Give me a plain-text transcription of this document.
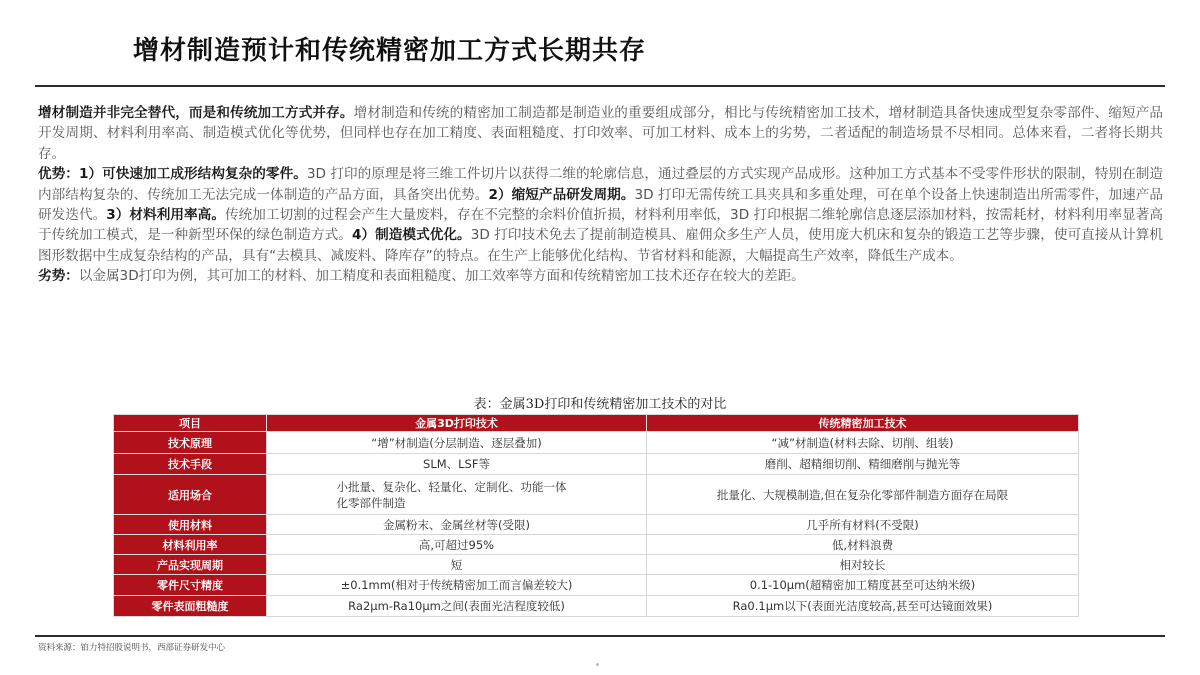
增材制造预计和传统精密加工方式长期共存

增材制造并非完全替代，而是和传统加工方式并存。增材制造和传统的精密加工制造都是制造业的重要组成部分，相比与传统精密加工技术，增材制造具备快速成型复杂零部件、缩短产品开发周期、材料利用率高、制造模式优化等优势，但同样也存在加工精度、表面粗糙度、打印效率、可加工材料、成本上的劣势，二者适配的制造场景不尽相同。总体来看，二者将长期共存。

优势：1）可快速加工成形结构复杂的零件。3D 打印的原理是将三维工件切片以获得二维的轮廓信息，通过叠层的方式实现产品成形。这种加工方式基本不受零件形状的限制，特别在制造内部结构复杂的、传统加工无法完成一体制造的产品方面，具备突出优势。2）缩短产品研发周期。3D 打印无需传统工具夹具和多重处理，可在单个设备上快速制造出所需零件，加速产品研发迭代。3）材料利用率高。传统加工切割的过程会产生大量废料，存在不完整的余料价值折损，材料利用率低，3D 打印根据二维轮廓信息逐层添加材料，按需耗材，材料利用率显著高于传统加工模式，是一种新型环保的绿色制造方式。4）制造模式优化。3D 打印技术免去了提前制造模具、雇佣众多生产人员，使用庞大机床和复杂的锻造工艺等步骤，使可直接从计算机图形数据中生成复杂结构的产品，具有“去模具、减废料、降库存”的特点。在生产上能够优化结构、节省材料和能源，大幅提高生产效率，降低生产成本。

劣势：以金属3D打印为例，其可加工的材料、加工精度和表面粗糙度、加工效率等方面和传统精密加工技术还存在较大的差距。

表：金属3D打印和传统精密加工技术的对比
项目	金属3D打印技术	传统精密加工技术
技术原理	“增”材制造(分层制造、逐层叠加)	“减”材制造(材料去除、切削、组装)
技术手段	SLM、LSF等	磨削、超精细切削、精细磨削与抛光等
适用场合	小批量、复杂化、轻量化、定制化、功能一体化零部件制造	批量化、大规模制造,但在复杂化零部件制造方面存在局限
使用材料	金属粉末、金属丝材等(受限)	几乎所有材料(不受限)
材料利用率	高,可超过95%	低,材料浪费
产品实现周期	短	相对较长
零件尺寸精度	±0.1mm(相对于传统精密加工而言偏差较大)	0.1-10μm(超精密加工精度甚至可达纳米级)
零件表面粗糙度	Ra2μm-Ra10μm之间(表面光洁程度较低)	Ra0.1μm以下(表面光洁度较高,甚至可达镜面效果)
资料来源：铂力特招股说明书，西部证券研发中心
